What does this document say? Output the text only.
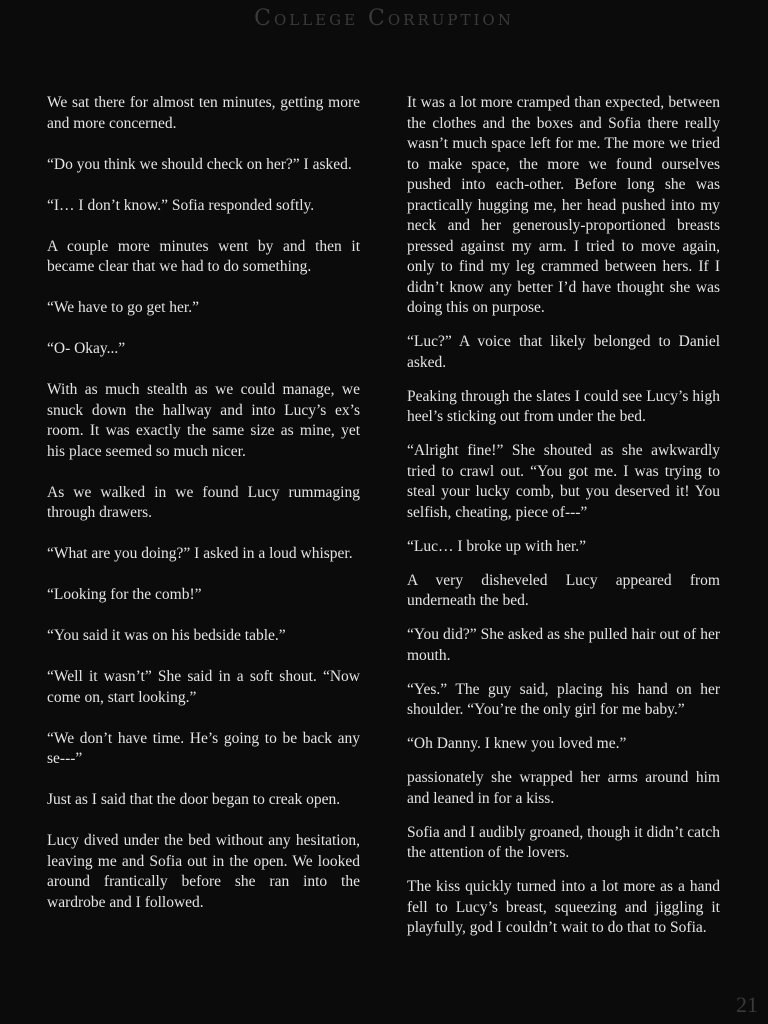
College Corruption

We sat there for almost ten minutes, getting more and more concerned.

“Do you think we should check on her?” I asked.

“I… I don’t know.” Sofia responded softly.

A couple more minutes went by and then it became clear that we had to do something.

“We have to go get her.”

“O- Okay...”

With as much stealth as we could manage, we snuck down the hallway and into Lucy’s ex’s room. It was exactly the same size as mine, yet his place seemed so much nicer.

As we walked in we found Lucy rummaging through drawers.

“What are you doing?” I asked in a loud whisper.

“Looking for the comb!”

“You said it was on his bedside table.”

“Well it wasn’t” She said in a soft shout. “Now come on, start looking.”

“We don’t have time. He’s going to be back any se---”

Just as I said that the door began to creak open.

Lucy dived under the bed without any hesitation, leaving me and Sofia out in the open. We looked around frantically before she ran into the wardrobe and I followed.

It was a lot more cramped than expected, between the clothes and the boxes and Sofia there really wasn’t much space left for me. The more we tried to make space, the more we found ourselves pushed into each-other. Before long she was practically hugging me, her head pushed into my neck and her generously-proportioned breasts pressed against my arm. I tried to move again, only to find my leg crammed between hers. If I didn’t know any better I’d have thought she was doing this on purpose.

“Luc?” A voice that likely belonged to Daniel asked.

Peaking through the slates I could see Lucy’s high heel’s sticking out from under the bed.

“Alright fine!” She shouted as she awkwardly tried to crawl out. “You got me. I was trying to steal your lucky comb, but you deserved it! You selfish, cheating, piece of---”

“Luc… I broke up with her.”

A very disheveled Lucy appeared from underneath the bed.

“You did?” She asked as she pulled hair out of her mouth.

“Yes.” The guy said, placing his hand on her shoulder. “You’re the only girl for me baby.”

“Oh Danny. I knew you loved me.”

passionately she wrapped her arms around him and leaned in for a kiss.

Sofia and I audibly groaned, though it didn’t catch the attention of the lovers.

The kiss quickly turned into a lot more as a hand fell to Lucy’s breast, squeezing and jiggling it playfully, god I couldn’t wait to do that to Sofia.

21
